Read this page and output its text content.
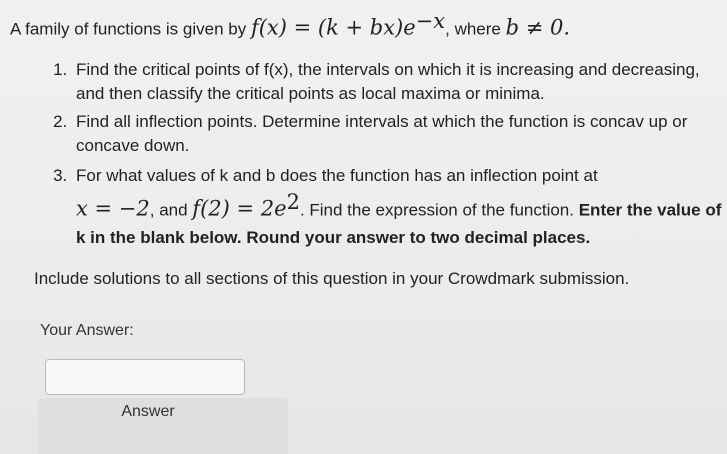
A family of functions is given by $f(x) = (k + bx)e^{-x}$, where b ≠ 0.
1. Find the critical points of f(x), the intervals on which it is increasing and decreasing, and then classify the critical points as local maxima or minima.
2. Find all inflection points. Determine intervals at which the function is concav up or concave down.
3. For what values of k and b does the function has an inflection point at
x = −2, and $f(2) = 2e^2$. Find the expression of the function. Enter the value of k in the blank below. Round your answer to two decimal places.
Include solutions to all sections of this question in your Crowdmark submission.
Your Answer:
Answer
